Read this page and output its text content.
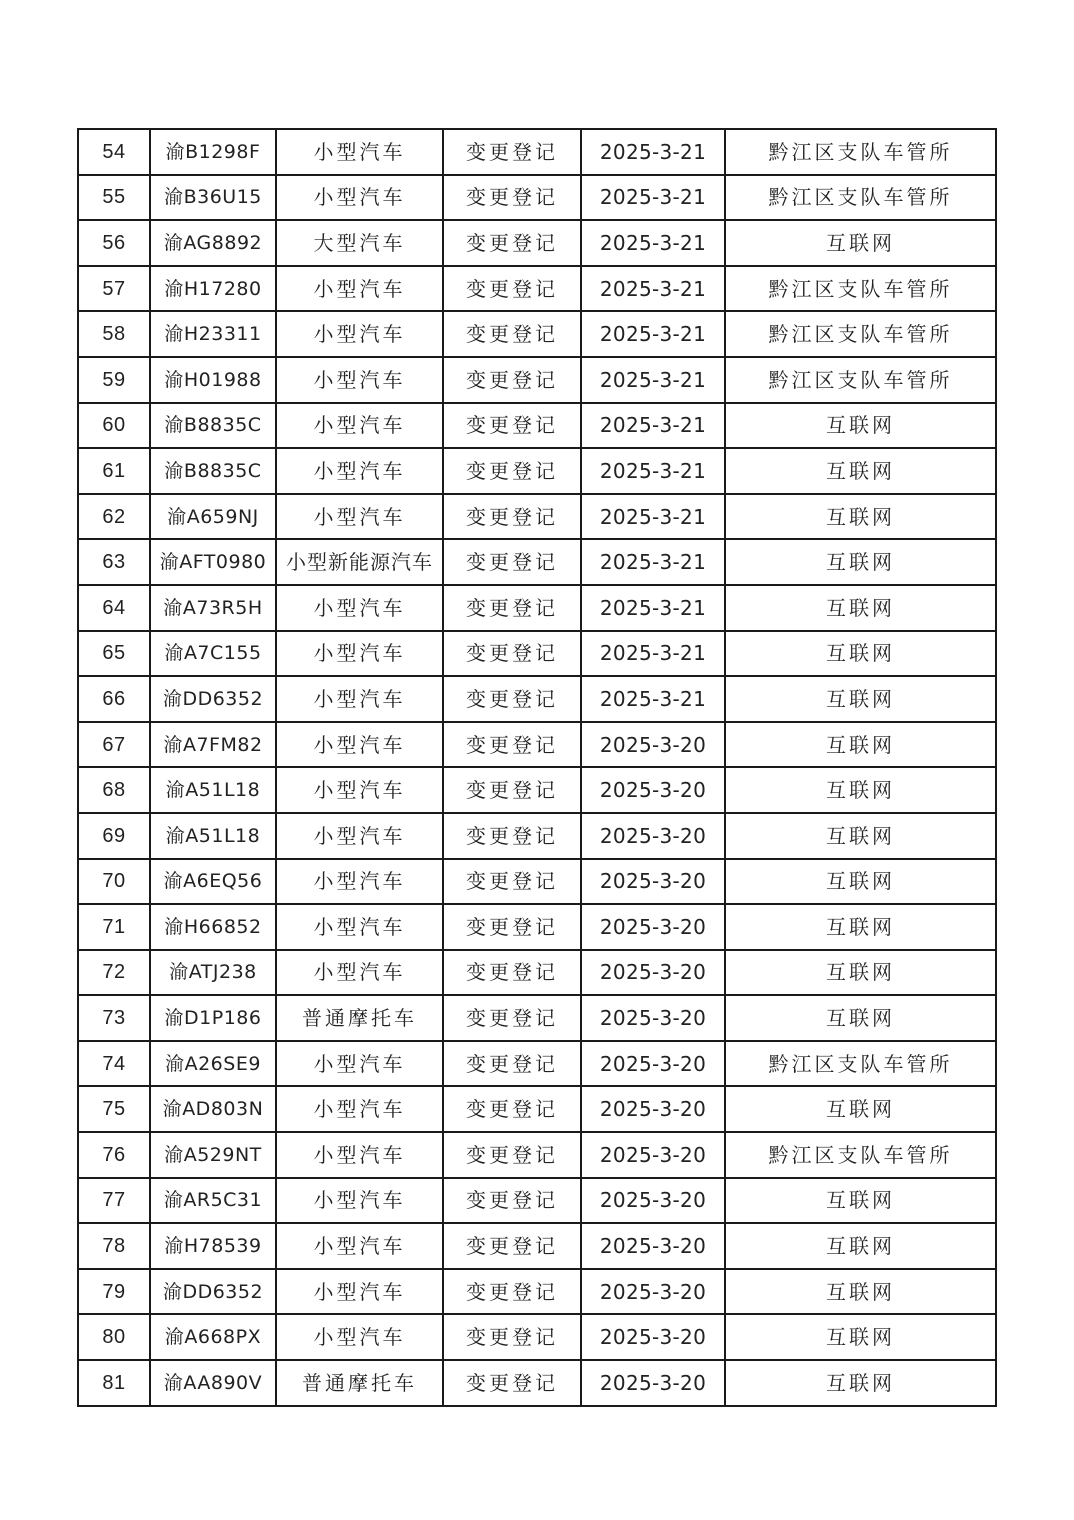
54	渝B1298F	小型汽车	变更登记	2025-3-21	黔江区支队车管所
55	渝B36U15	小型汽车	变更登记	2025-3-21	黔江区支队车管所
56	渝AG8892	大型汽车	变更登记	2025-3-21	互联网
57	渝H17280	小型汽车	变更登记	2025-3-21	黔江区支队车管所
58	渝H23311	小型汽车	变更登记	2025-3-21	黔江区支队车管所
59	渝H01988	小型汽车	变更登记	2025-3-21	黔江区支队车管所
60	渝B8835C	小型汽车	变更登记	2025-3-21	互联网
61	渝B8835C	小型汽车	变更登记	2025-3-21	互联网
62	渝A659NJ	小型汽车	变更登记	2025-3-21	互联网
63	渝AFT0980	小型新能源汽车	变更登记	2025-3-21	互联网
64	渝A73R5H	小型汽车	变更登记	2025-3-21	互联网
65	渝A7C155	小型汽车	变更登记	2025-3-21	互联网
66	渝DD6352	小型汽车	变更登记	2025-3-21	互联网
67	渝A7FM82	小型汽车	变更登记	2025-3-20	互联网
68	渝A51L18	小型汽车	变更登记	2025-3-20	互联网
69	渝A51L18	小型汽车	变更登记	2025-3-20	互联网
70	渝A6EQ56	小型汽车	变更登记	2025-3-20	互联网
71	渝H66852	小型汽车	变更登记	2025-3-20	互联网
72	渝ATJ238	小型汽车	变更登记	2025-3-20	互联网
73	渝D1P186	普通摩托车	变更登记	2025-3-20	互联网
74	渝A26SE9	小型汽车	变更登记	2025-3-20	黔江区支队车管所
75	渝AD803N	小型汽车	变更登记	2025-3-20	互联网
76	渝A529NT	小型汽车	变更登记	2025-3-20	黔江区支队车管所
77	渝AR5C31	小型汽车	变更登记	2025-3-20	互联网
78	渝H78539	小型汽车	变更登记	2025-3-20	互联网
79	渝DD6352	小型汽车	变更登记	2025-3-20	互联网
80	渝A668PX	小型汽车	变更登记	2025-3-20	互联网
81	渝AA890V	普通摩托车	变更登记	2025-3-20	互联网
